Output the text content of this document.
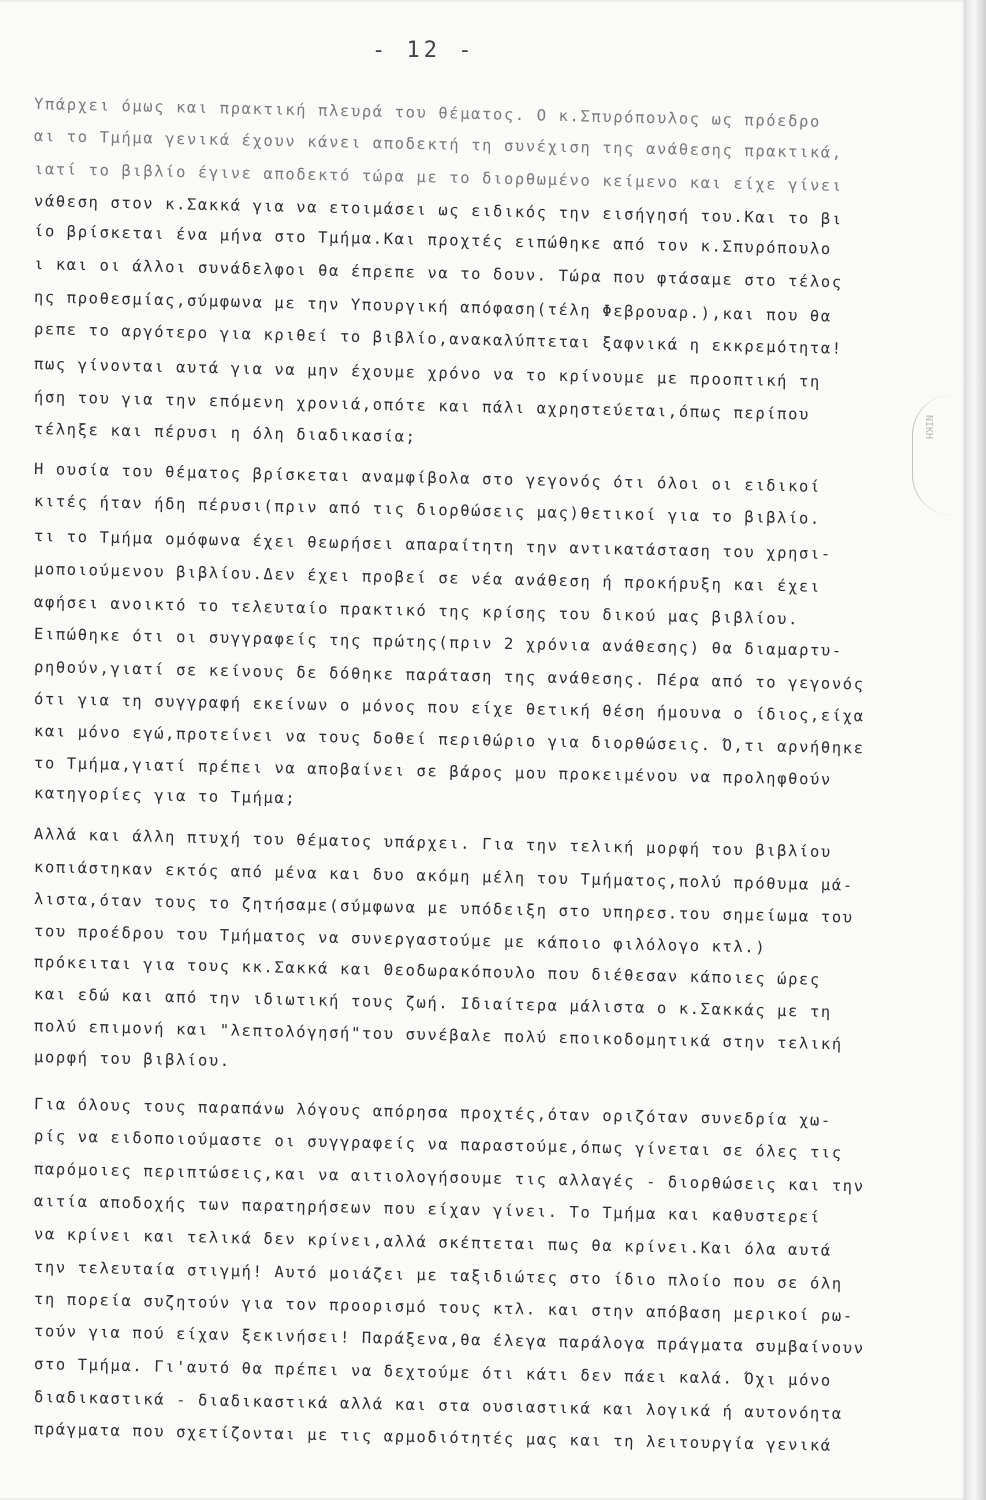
- 12 -
Υπάρχει όμως και πρακτική πλευρά του θέματος. Ο κ.Σπυρόπουλος ως πρόεδρο
αι το Τμήμα γενικά έχουν κάνει αποδεκτή τη συνέχιση της ανάθεσης πρακτικά,
ιατί το βιβλίο έγινε αποδεκτό τώρα με το διορθωμένο κείμενο και είχε γίνει
νάθεση στον κ.Σακκά για να ετοιμάσει ως ειδικός την εισήγησή του.Και το βι
ίο βρίσκεται ένα μήνα στο Τμήμα.Και προχτές ειπώθηκε από τον κ.Σπυρόπουλο
ι και οι άλλοι συνάδελφοι θα έπρεπε να το δουν. Τώρα που φτάσαμε στο τέλος
ης προθεσμίας,σύμφωνα με την Υπουργική απόφαση(τέλη Φεβρουαρ.),και που θα
ρεπε το αργότερο για κριθεί το βιβλίο,ανακαλύπτεται ξαφνικά η εκκρεμότητα!
πως γίνονται αυτά για να μην έχουμε χρόνο να το κρίνουμε με προοπτική τη
ήση του για την επόμενη χρονιά,οπότε και πάλι αχρηστεύεται,όπως περίπου
τέληξε και πέρυσι η όλη διαδικασία;
Η ουσία του θέματος βρίσκεται αναμφίβολα στο γεγονός ότι όλοι οι ειδικοί
κιτές ήταν ήδη πέρυσι(πριν από τις διορθώσεις μας)θετικοί για το βιβλίο.
τι το Τμήμα ομόφωνα έχει θεωρήσει απαραίτητη την αντικατάσταση του χρησι-
μοποιούμενου βιβλίου.Δεν έχει προβεί σε νέα ανάθεση ή προκήρυξη και έχει
αφήσει ανοικτό το τελευταίο πρακτικό της κρίσης του δικού μας βιβλίου.
Ειπώθηκε ότι οι συγγραφείς της πρώτης(πριν 2 χρόνια ανάθεσης) θα διαμαρτυ-
ρηθούν,γιατί σε κείνους δε δόθηκε παράταση της ανάθεσης. Πέρα από το γεγονός
ότι για τη συγγραφή εκείνων ο μόνος που είχε θετική θέση ήμουνα ο ίδιος,είχα
και μόνο εγώ,προτείνει να τους δοθεί περιθώριο για διορθώσεις. Ό,τι αρνήθηκε
το Τμήμα,γιατί πρέπει να αποβαίνει σε βάρος μου προκειμένου να προληφθούν
κατηγορίες για το Τμήμα;
Αλλά και άλλη πτυχή του θέματος υπάρχει. Για την τελική μορφή του βιβλίου
κοπιάστηκαν εκτός από μένα και δυο ακόμη μέλη του Τμήματος,πολύ πρόθυμα μά-
λιστα,όταν τους το ζητήσαμε(σύμφωνα με υπόδειξη στο υπηρεσ.του σημείωμα του
του προέδρου του Τμήματος να συνεργαστούμε με κάποιο φιλόλογο κτλ.)
πρόκειται για τους κκ.Σακκά και Θεοδωρακόπουλο που διέθεσαν κάποιες ώρες
και εδώ και από την ιδιωτική τους ζωή. Ιδιαίτερα μάλιστα ο κ.Σακκάς με τη
πολύ επιμονή και "λεπτολόγησή"του συνέβαλε πολύ εποικοδομητικά στην τελική
μορφή του βιβλίου.
Για όλους τους παραπάνω λόγους απόρησα προχτές,όταν οριζόταν συνεδρία χω-
ρίς να ειδοποιούμαστε οι συγγραφείς να παραστούμε,όπως γίνεται σε όλες τις
παρόμοιες περιπτώσεις,και να αιτιολογήσουμε τις αλλαγές - διορθώσεις και την
αιτία αποδοχής των παρατηρήσεων που είχαν γίνει. Το Τμήμα και καθυστερεί
να κρίνει και τελικά δεν κρίνει,αλλά σκέπτεται πως θα κρίνει.Και όλα αυτά
την τελευταία στιγμή! Αυτό μοιάζει με ταξιδιώτες στο ίδιο πλοίο που σε όλη
τη πορεία συζητούν για τον προορισμό τους κτλ. και στην απόβαση μερικοί ρω-
τούν για πού είχαν ξεκινήσει! Παράξενα,θα έλεγα παράλογα πράγματα συμβαίνουν
στο Τμήμα. Γι'αυτό θα πρέπει να δεχτούμε ότι κάτι δεν πάει καλά. Όχι μόνο
διαδικαστικά - διαδικαστικά αλλά και στα ουσιαστικά και λογικά ή αυτονόητα
πράγματα που σχετίζονται με τις αρμοδιότητές μας και τη λειτουργία γενικά
ΝΙΚΗ
